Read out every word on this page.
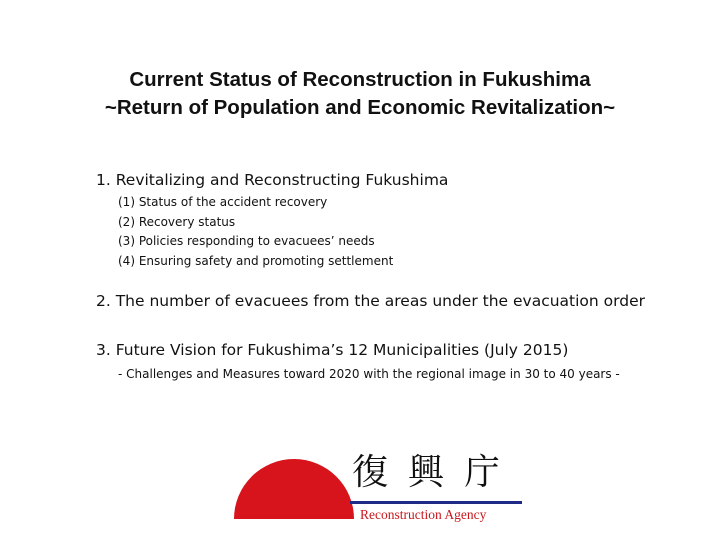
Current Status of Reconstruction in Fukushima
~Return of Population and Economic Revitalization~
1. Revitalizing and Reconstructing Fukushima
(1) Status of the accident recovery
(2) Recovery status
(3) Policies responding to evacuees’ needs
(4) Ensuring safety and promoting settlement
2. The number of evacuees from the areas under the evacuation order
3. Future Vision for Fukushima’s 12 Municipalities (July 2015)
- Challenges and Measures toward 2020 with the regional image in 30 to 40 years -
復興庁
Reconstruction Agency
